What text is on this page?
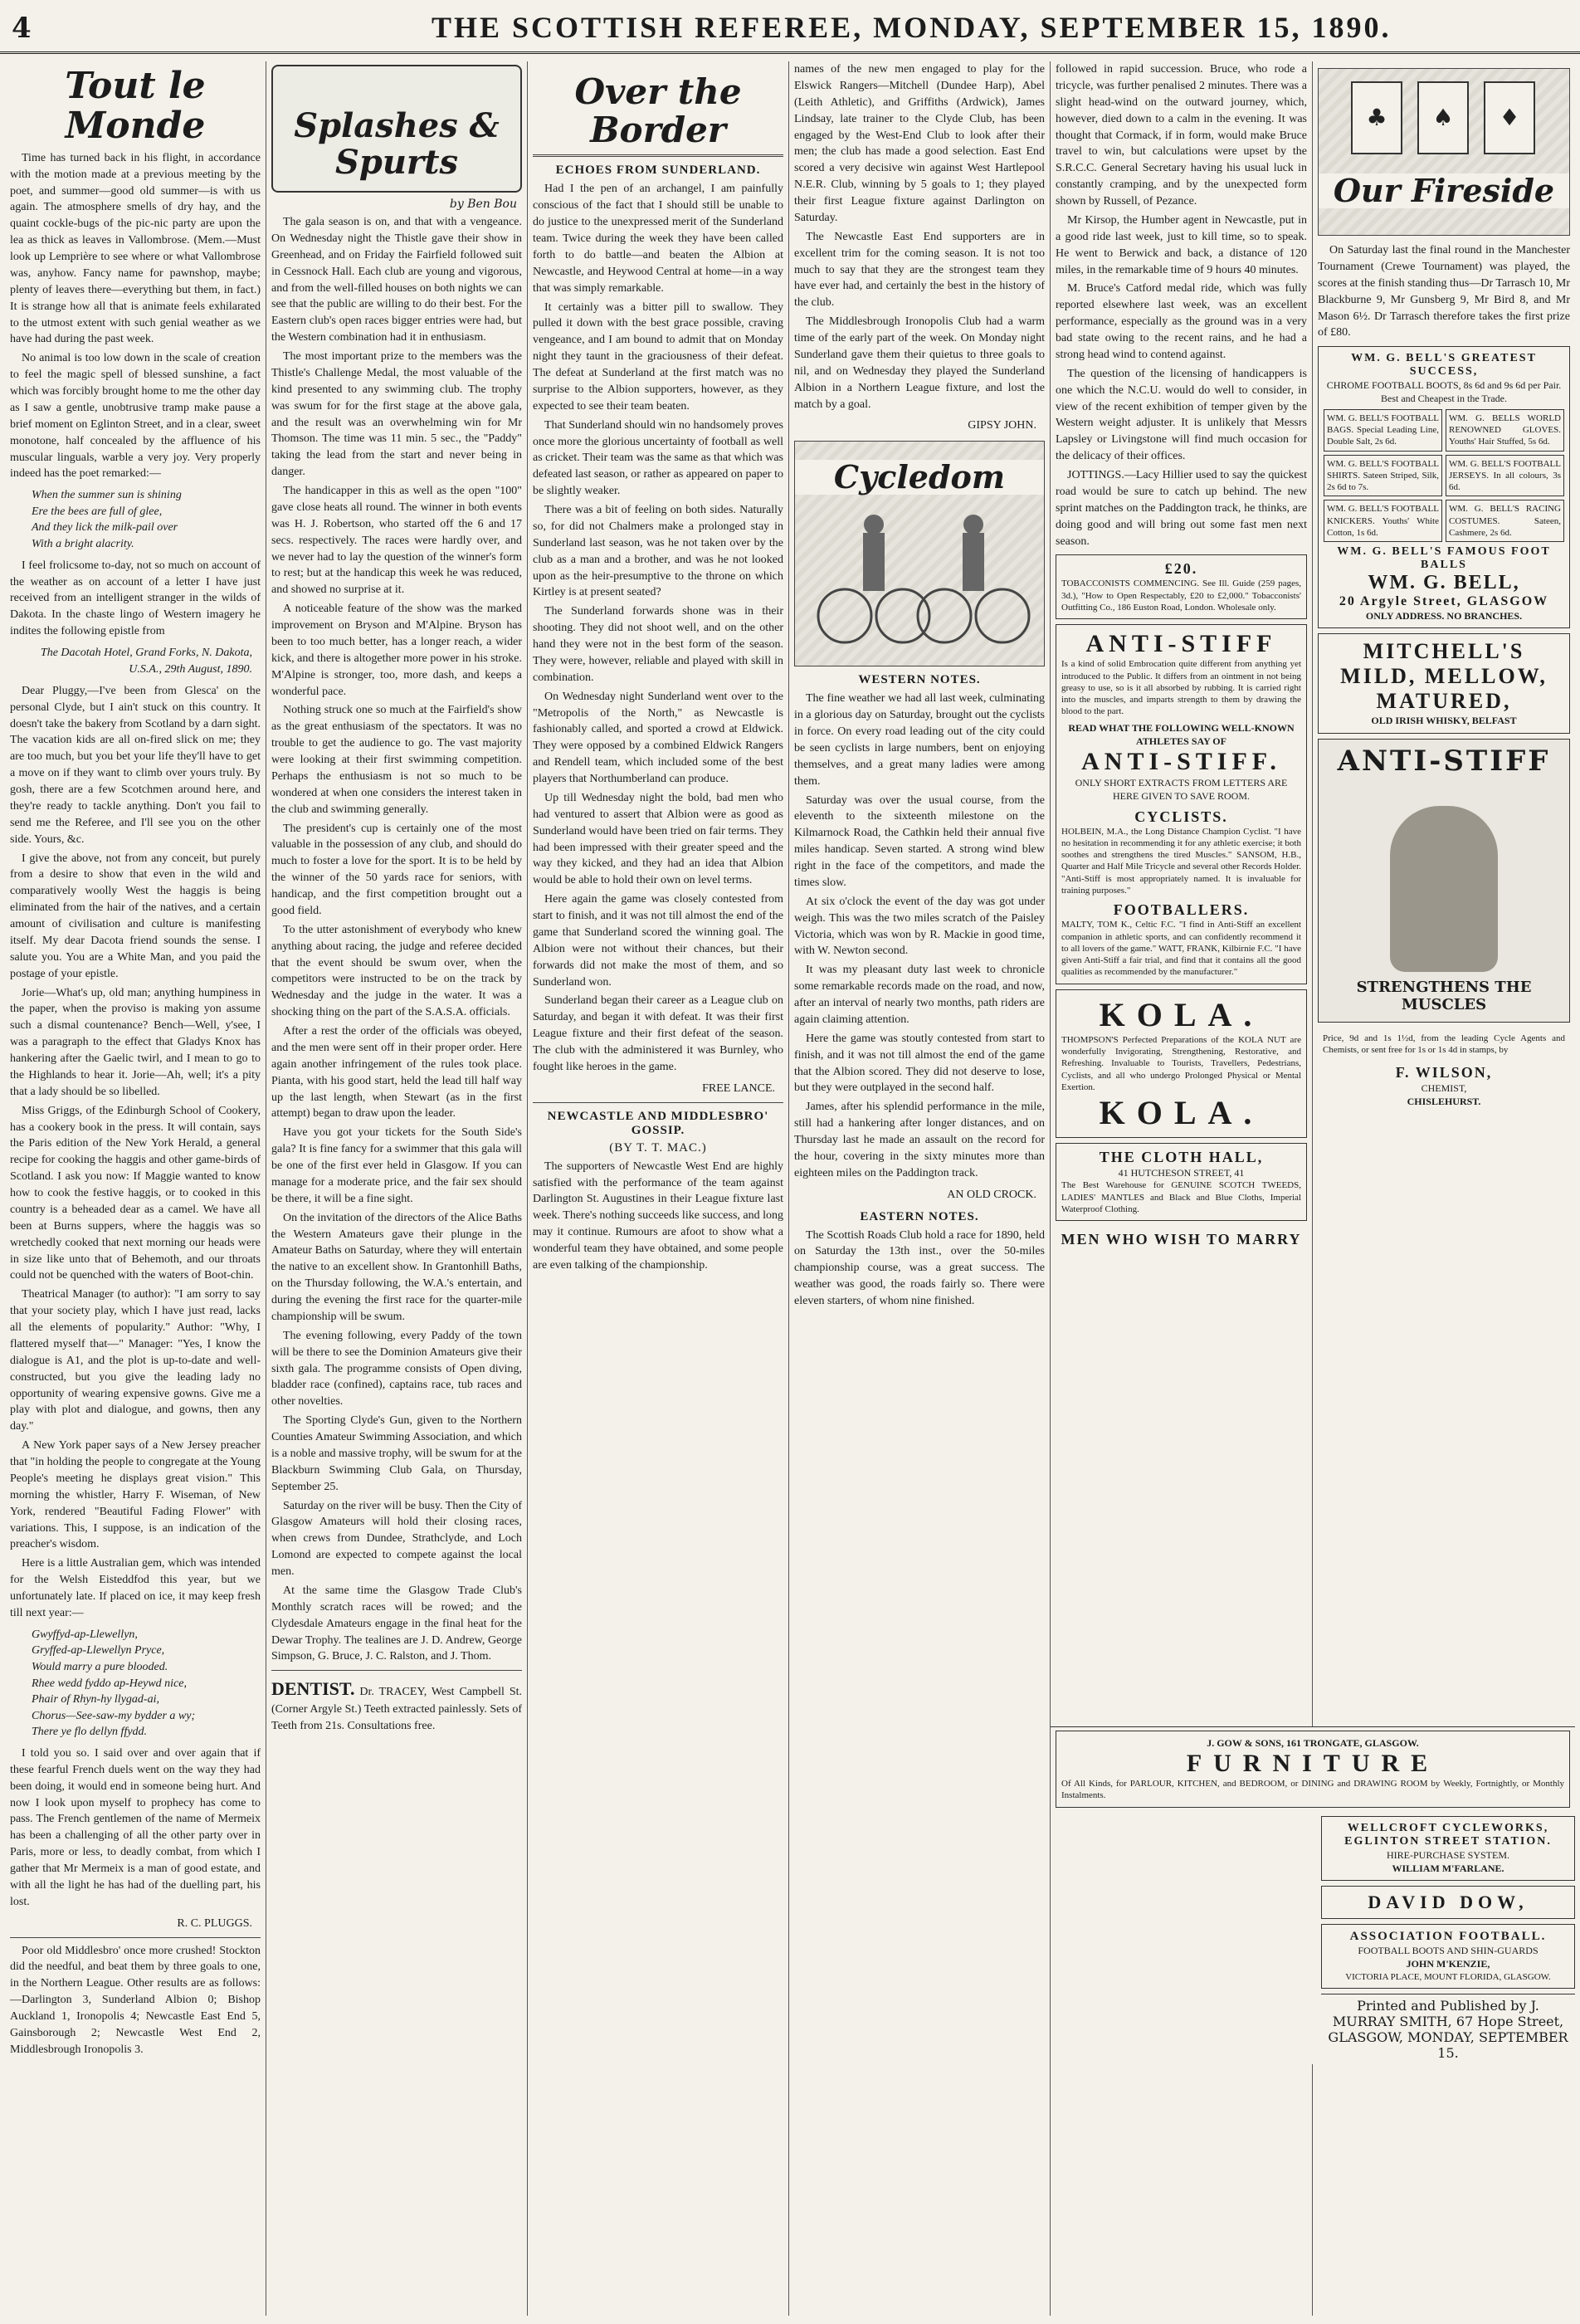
4	THE SCOTTISH REFEREE, MONDAY, SEPTEMBER 15, 1890.
Tout le Monde

Time has turned back in his flight, in accordance with the motion made at a previous meeting by the poet, and summer—good old summer—is with us again. The atmosphere smells of dry hay, and the quaint cockle-bugs of the pic-nic party are upon the lea as thick as leaves in Vallombrose. (Mem.—Must look up Lemprière to see where or what Vallombrose was, anyhow. Fancy name for pawnshop, maybe; plenty of leaves there—everything but them, in fact.) It is strange how all that is animate feels exhilarated to the utmost extent with such genial weather as we have had during the past week.

No animal is too low down in the scale of creation to feel the magic spell of blessed sunshine, a fact which was forcibly brought home to me the other day as I saw a gentle, unobtrusive tramp make pause a brief moment on Eglinton Street, and in a clear, sweet monotone, half concealed by the affluence of his muscular linguals, warble a very joy. Very properly indeed has the poet remarked:—

When the summer sun is shining
Ere the bees are full of glee,
And they lick the milk-pail over
With a bright alacrity.

I feel frolicsome to-day, not so much on account of the weather as on account of a letter I have just received from an intelligent stranger in the wilds of Dakota. In the chaste lingo of Western imagery he indites the following epistle from

The Dacotah Hotel, Grand Forks, N. Dakota, U.S.A., 29th August, 1890.

Dear Pluggy,—I've been from Glesca' on the personal Clyde, but I ain't stuck on this country. It doesn't take the bakery from Scotland by a darn sight. The vacation kids are all on-fired slick on me; they are too much, but you bet your life they'll have to get a move on if they want to climb over yours truly. By gosh, there are a few Scotchmen around here, and they're ready to tackle anything. Don't you fail to send me the Referee, and I'll see you on the other side. Yours, &c.

I give the above, not from any conceit, but purely from a desire to show that even in the wild and comparatively woolly West the haggis is being eliminated from the hair of the natives, and a certain amount of civilisation and culture is manifesting itself. My dear Dacota friend sounds the sense. I salute you. You are a White Man, and you paid the postage of your epistle.

Jorie—What's up, old man; anything humpiness in the paper, when the proviso is making yon assume such a dismal countenance? Bench—Well, y'see, I was a paragraph to the effect that Gladys Knox has hankering after the Gaelic twirl, and I mean to go to the Highlands to hear it. Jorie—Ah, well; it's a pity that a lady should be so libelled.

Miss Griggs, of the Edinburgh School of Cookery, has a cookery book in the press. It will contain, says the Paris edition of the New York Herald, a general recipe for cooking the haggis and other game-birds of Scotland. I ask you now: If Maggie wanted to know how to cook the festive haggis, or to cooked in this country is a beheaded dear as a camel. We have all been at Burns suppers, where the haggis was so wretchedly cooked that next morning our heads were in size like unto that of Behemoth, and our throats could not be quenched with the waters of Boot-chin.

Theatrical Manager (to author): "I am sorry to say that your society play, which I have just read, lacks all the elements of popularity." Author: "Why, I flattered myself that—" Manager: "Yes, I know the dialogue is A1, and the plot is up-to-date and well-constructed, but you give the leading lady no opportunity of wearing expensive gowns. Give me a play with plot and dialogue, and gowns, then any day."

A New York paper says of a New Jersey preacher that "in holding the people to congregate at the Young People's meeting he displays great vision." This morning the whistler, Harry F. Wiseman, of New York, rendered "Beautiful Fading Flower" with variations. This, I suppose, is an indication of the preacher's wisdom.

Here is a little Australian gem, which was intended for the Welsh Eisteddfod this year, but we unfortunately late. If placed on ice, it may keep fresh till next year:—

Gwyffyd-ap-Llewellyn,
Gryffed-ap-Llewellyn Pryce,
Would marry a pure blooded.
Rhee wedd fyddo ap-Heywd nice,
Phair of Rhyn-hy llygad-ai,
Chorus—See-saw-my bydder a wy;
There ye flo dellyn ffydd.

I told you so. I said over and over again that if these fearful French duels went on the way they had been doing, it would end in someone being hurt. And now I look upon myself to prophecy has come to pass. The French gentlemen of the name of Mermeix has been a challenging of all the other party over in Paris, more or less, to deadly combat, from which I gather that Mr Mermeix is a man of good estate, and with all the light he has had of the duelling part, his lost.

R. C. PLUGGS.

Poor old Middlesbro' once more crushed! Stockton did the needful, and beat them by three goals to one, in the Northern League. Other results are as follows:—Darlington 3, Sunderland Albion 0; Bishop Auckland 1, Ironopolis 4; Newcastle East End 5, Gainsborough 2; Newcastle West End 2, Middlesbrough Ironopolis 3.

Splashes & Spurts
by Ben Bou

The gala season is on, and that with a vengeance. On Wednesday night the Thistle gave their show in Greenhead, and on Friday the Fairfield followed suit in Cessnock Hall. Each club are young and vigorous, and from the well-filled houses on both nights we can see that the public are willing to do their best. For the Eastern club's open races bigger entries were had, but the Western combination had it in enthusiasm.

The most important prize to the members was the Thistle's Challenge Medal, the most valuable of the kind presented to any swimming club. The trophy was swum for for the first stage at the above gala, and the result was an overwhelming win for Mr Thomson. The time was 11 min. 5 sec., the "Paddy" taking the lead from the start and never being in danger.

The handicapper in this as well as the open "100" gave close heats all round. The winner in both events was H. J. Robertson, who started off the 6 and 17 secs. respectively. The races were hardly over, and we never had to lay the question of the winner's form to rest; but at the handicap this week he was reduced, and showed no surprise at it.

A noticeable feature of the show was the marked improvement on Bryson and M'Alpine. Bryson has been to too much better, has a longer reach, a wider kick, and there is altogether more power in his stroke. M'Alpine is stronger, too, more dash, and keeps a wonderful pace.

Nothing struck one so much at the Fairfield's show as the great enthusiasm of the spectators. It was no trouble to get the audience to go. The vast majority were looking at their first swimming competition. Perhaps the enthusiasm is not so much to be wondered at when one considers the interest taken in the club and swimming generally.

The president's cup is certainly one of the most valuable in the possession of any club, and should do much to foster a love for the sport. It is to be held by the winner of the 50 yards race for seniors, with handicap, and the first competition brought out a good field.

To the utter astonishment of everybody who knew anything about racing, the judge and referee decided that the event should be swum over, when the competitors were instructed to be on the track by Wednesday and the judge in the water. It was a shocking thing on the part of the S.A.S.A. officials.

After a rest the order of the officials was obeyed, and the men were sent off in their proper order. Here again another infringement of the rules took place. Pianta, with his good start, held the lead till half way up the last length, when Stewart (as in the first attempt) began to draw upon the leader.

Have you got your tickets for the South Side's gala? It is fine fancy for a swimmer that this gala will be one of the first ever held in Glasgow. If you can manage for a moderate price, and the fair sex should be there, it will be a fine sight.

On the invitation of the directors of the Alice Baths the Western Amateurs gave their plunge in the Amateur Baths on Saturday, where they will entertain the native to an excellent show. In Grantonhill Baths, on the Thursday following, the W.A.'s entertain, and during the evening the first race for the quarter-mile championship will be swum.

The evening following, every Paddy of the town will be there to see the Dominion Amateurs give their sixth gala. The programme consists of Open diving, bladder race (confined), captains race, tub races and other novelties.

The Sporting Clyde's Gun, given to the Northern Counties Amateur Swimming Association, and which is a noble and massive trophy, will be swum for at the Blackburn Swimming Club Gala, on Thursday, September 25.

Saturday on the river will be busy. Then the City of Glasgow Amateurs will hold their closing races, when crews from Dundee, Strathclyde, and Loch Lomond are expected to compete against the local men.

At the same time the Glasgow Trade Club's Monthly scratch races will be rowed; and the Clydesdale Amateurs engage in the final heat for the Dewar Trophy. The tealines are J. D. Andrew, George Simpson, G. Bruce, J. C. Ralston, and J. Thom.

DENTIST. Dr. TRACEY, West Campbell St. (Corner Argyle St.) Teeth extracted painlessly. Sets of Teeth from 21s. Consultations free.

Over the Border
ECHOES FROM SUNDERLAND.

Had I the pen of an archangel, I am painfully conscious of the fact that I should still be unable to do justice to the unexpressed merit of the Sunderland team. Twice during the week they have been called forth to do battle—and beaten the Albion at Newcastle, and Heywood Central at home—in a way that was simply remarkable.

It certainly was a bitter pill to swallow. They pulled it down with the best grace possible, craving vengeance, and I am bound to admit that on Monday night they taunt in the graciousness of their defeat. The defeat at Sunderland at the first match was no surprise to the Albion supporters, however, as they expected to see their team beaten.

That Sunderland should win no handsomely proves once more the glorious uncertainty of football as well as cricket. Their team was the same as that which was defeated last season, or rather as appeared on paper to be slightly weaker.

There was a bit of feeling on both sides. Naturally so, for did not Chalmers make a prolonged stay in Sunderland last season, was he not taken over by the club as a man and a brother, and was he not looked upon as the heir-presumptive to the throne on which Kirtley is at present seated?

The Sunderland forwards shone was in their shooting. They did not shoot well, and on the other hand they were not in the best form of the season. They were, however, reliable and played with skill in combination.

On Wednesday night Sunderland went over to the "Metropolis of the North," as Newcastle is fashionably called, and sported a crowd at Eldwick. They were opposed by a combined Eldwick Rangers and Rendell team, which included some of the best players that Northumberland can produce.

Up till Wednesday night the bold, bad men who had ventured to assert that Albion were as good as Sunderland would have been tried on fair terms. They had been impressed with their greater speed and the way they kicked, and they had an idea that Albion would be able to hold their own on level terms.

Here again the game was closely contested from start to finish, and it was not till almost the end of the game that Sunderland scored the winning goal. The Albion were not without their chances, but their forwards did not make the most of them, and so Sunderland won.

Sunderland began their career as a League club on Saturday, and began it with defeat. It was their first League fixture and their first defeat of the season. The club with the administered it was Burnley, who fought like heroes in the game.

FREE LANCE.
NEWCASTLE AND MIDDLESBRO' GOSSIP.
(BY T. T. MAC.)

The supporters of Newcastle West End are highly satisfied with the performance of the team against Darlington St. Augustines in their League fixture last week. There's nothing succeeds like success, and long may it continue. Rumours are afoot to show what a wonderful team they have obtained, and some people are even talking of the championship.

names of the new men engaged to play for the Elswick Rangers—Mitchell (Dundee Harp), Abel (Leith Athletic), and Griffiths (Ardwick), James Lindsay, late trainer to the Clyde Club, has been engaged by the West-End Club to look after their men; the club has made a good selection. East End scored a very decisive win against West Hartlepool N.E.R. Club, winning by 5 goals to 1; they played their first League fixture against Darlington on Saturday.

The Newcastle East End supporters are in excellent trim for the coming season. It is not too much to say that they are the strongest team they have ever had, and certainly the best in the history of the club.

The Middlesbrough Ironopolis Club had a warm time of the early part of the week. On Monday night Sunderland gave them their quietus to three goals to nil, and on Wednesday they played the Sunderland Albion in a Northern League fixture, and lost the match by a goal.

GIPSY JOHN.
Cycledom
WESTERN NOTES.

The fine weather we had all last week, culminating in a glorious day on Saturday, brought out the cyclists in force. On every road leading out of the city could be seen cyclists in large numbers, bent on enjoying themselves, and a great many ladies were among them.

Saturday was over the usual course, from the eleventh to the sixteenth milestone on the Kilmarnock Road, the Cathkin held their annual five miles handicap. Seven started. A strong wind blew right in the face of the competitors, and made the times slow.

At six o'clock the event of the day was got under weigh. This was the two miles scratch of the Paisley Victoria, which was won by R. Mackie in good time, with W. Newton second.

It was my pleasant duty last week to chronicle some remarkable records made on the road, and now, after an interval of nearly two months, path riders are again claiming attention.

Here the game was stoutly contested from start to finish, and it was not till almost the end of the game that the Albion scored. They did not deserve to lose, but they were outplayed in the second half.

James, after his splendid performance in the mile, still had a hankering after longer distances, and on Thursday last he made an assault on the record for the hour, covering in the sixty minutes more than eighteen miles on the Paddington track.

AN OLD CROCK.
EASTERN NOTES.

The Scottish Roads Club hold a race for 1890, held on Saturday the 13th inst., over the 50-miles championship course, was a great success. The weather was good, the roads fairly so. There were eleven starters, of whom nine finished.

followed in rapid succession. Bruce, who rode a tricycle, was further penalised 2 minutes. There was a slight head-wind on the outward journey, which, however, died down to a calm in the evening. It was thought that Cormack, if in form, would make Bruce travel to win, but calculations were upset by the S.R.C.C. General Secretary having his usual luck in constantly cramping, and by the unexpected form shown by Russell, of Pezance.

Mr Kirsop, the Humber agent in Newcastle, put in a good ride last week, just to kill time, so to speak. He went to Berwick and back, a distance of 120 miles, in the remarkable time of 9 hours 40 minutes.

M. Bruce's Catford medal ride, which was fully reported elsewhere last week, was an excellent performance, especially as the ground was in a very bad state owing to the recent rains, and he had a strong head wind to contend against.

The question of the licensing of handicappers is one which the N.C.U. would do well to consider, in view of the recent exhibition of temper given by the Western weight adjuster. It is unlikely that Messrs Lapsley or Livingstone will find much occasion for the delicacy of their offices.

JOTTINGS.—Lacy Hillier used to say the quickest road would be sure to catch up behind. The new sprint matches on the Paddington track, he thinks, are doing good and will bring out some fast men next season.

£20.
TOBACCONISTS COMMENCING. See Ill. Guide (259 pages, 3d.), "How to Open Respectably, £20 to £2,000." Tobacconists' Outfitting Co., 186 Euston Road, London. Wholesale only.
ANTI-STIFF
Is a kind of solid Embrocation quite different from anything yet introduced to the Public. It differs from an ointment in not being greasy to use, so is it all absorbed by rubbing. It is carried right into the muscles, and imparts strength to them by drawing the blood to the part.
READ WHAT THE FOLLOWING WELL-KNOWN ATHLETES SAY OF
ANTI-STIFF.
ONLY SHORT EXTRACTS FROM LETTERS ARE HERE GIVEN TO SAVE ROOM.
CYCLISTS.
HOLBEIN, M.A., the Long Distance Champion Cyclist. "I have no hesitation in recommending it for any athletic exercise; it both soothes and strengthens the tired Muscles." SANSOM, H.B., Quarter and Half Mile Tricycle and several other Records Holder. "Anti-Stiff is most appropriately named. It is invaluable for training purposes."
FOOTBALLERS.
MALTY, TOM K., Celtic F.C. "I find in Anti-Stiff an excellent companion in athletic sports, and can confidently recommend it to all lovers of the game." WATT, FRANK, Kilbirnie F.C. "I have given Anti-Stiff a fair trial, and find that it contains all the good qualities as recommended by the manufacturer."
KOLA.
THOMPSON'S Perfected Preparations of the KOLA NUT are wonderfully Invigorating, Strengthening, Restorative, and Refreshing. Invaluable to Tourists, Travellers, Pedestrians, Cyclists, and all who undergo Prolonged Physical or Mental Exertion.
KOLA.
THE CLOTH HALL,
41 HUTCHESON STREET, 41
The Best Warehouse for GENUINE SCOTCH TWEEDS, LADIES' MANTLES and Black and Blue Cloths, Imperial Waterproof Clothing.
MEN WHO WISH TO MARRY
Our Fireside
♣ ♠ ♦

On Saturday last the final round in the Manchester Tournament (Crewe Tournament) was played, the scores at the finish standing thus—Dr Tarrasch 10, Mr Blackburne 9, Mr Gunsberg 9, Mr Bird 8, and Mr Mason 6½. Dr Tarrasch therefore takes the first prize of £80.

WM. G. BELL'S GREATEST SUCCESS,
CHROME FOOTBALL BOOTS, 8s 6d and 9s 6d per Pair. Best and Cheapest in the Trade.
WM. G. BELL'S FOOTBALL BAGS. Special Leading Line, Double Salt, 2s 6d.
WM. G. BELLS WORLD RENOWNED GLOVES. Youths' Hair Stuffed, 5s 6d.
WM. G. BELL'S FOOTBALL SHIRTS. Sateen Striped, Silk, 2s 6d to 7s.
WM. G. BELL'S FOOTBALL JERSEYS. In all colours, 3s 6d.
WM. G. BELL'S FOOTBALL KNICKERS. Youths' White Cotton, 1s 6d.
WM. G. BELL'S RACING COSTUMES. Sateen, Cashmere, 2s 6d.
WM. G. BELL'S FAMOUS FOOT BALLS
WM. G. BELL,
20 Argyle Street, GLASGOW
ONLY ADDRESS. NO BRANCHES.
MITCHELL'S MILD, MELLOW, MATURED,
OLD IRISH WHISKY, BELFAST
ANTI-STIFF
STRENGTHENS THE MUSCLES
Price, 9d and 1s 1½d, from the leading Cycle Agents and Chemists, or sent free for 1s or 1s 4d in stamps, by
F. WILSON,
CHEMIST,
CHISLEHURST.
J. GOW & SONS, 161 TRONGATE, GLASGOW.
FURNITURE
Of All Kinds, for PARLOUR, KITCHEN, and BEDROOM, or DINING and DRAWING ROOM by Weekly, Fortnightly, or Monthly Instalments.
WELLCROFT CYCLEWORKS, EGLINTON STREET STATION.
HIRE-PURCHASE SYSTEM.
WILLIAM M'FARLANE.
DAVID DOW,
ASSOCIATION FOOTBALL.
FOOTBALL BOOTS AND SHIN-GUARDS
JOHN M'KENZIE,
VICTORIA PLACE, MOUNT FLORIDA, GLASGOW.
Printed and Published by J. MURRAY SMITH, 67 Hope Street, GLASGOW, MONDAY, SEPTEMBER 15.
